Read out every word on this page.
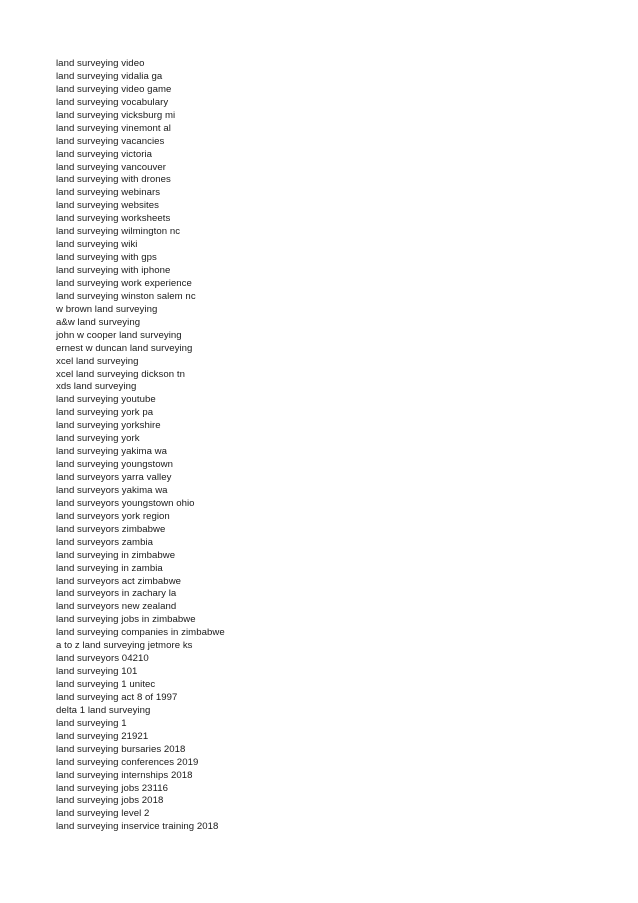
land surveying video
land surveying vidalia ga
land surveying video game
land surveying vocabulary
land surveying vicksburg mi
land surveying vinemont al
land surveying vacancies
land surveying victoria
land surveying vancouver
land surveying with drones
land surveying webinars
land surveying websites
land surveying worksheets
land surveying wilmington nc
land surveying wiki
land surveying with gps
land surveying with iphone
land surveying work experience
land surveying winston salem nc
w brown land surveying
a&w land surveying
john w cooper land surveying
ernest w duncan land surveying
xcel land surveying
xcel land surveying dickson tn
xds land surveying
land surveying youtube
land surveying york pa
land surveying yorkshire
land surveying york
land surveying yakima wa
land surveying youngstown
land surveyors yarra valley
land surveyors yakima wa
land surveyors youngstown ohio
land surveyors york region
land surveyors zimbabwe
land surveyors zambia
land surveying in zimbabwe
land surveying in zambia
land surveyors act zimbabwe
land surveyors in zachary la
land surveyors new zealand
land surveying jobs in zimbabwe
land surveying companies in zimbabwe
a to z land surveying jetmore ks
land surveyors 04210
land surveying 101
land surveying 1 unitec
land surveying act 8 of 1997
delta 1 land surveying
land surveying 1
land surveying 21921
land surveying bursaries 2018
land surveying conferences 2019
land surveying internships 2018
land surveying jobs 23116
land surveying jobs 2018
land surveying level 2
land surveying inservice training 2018
